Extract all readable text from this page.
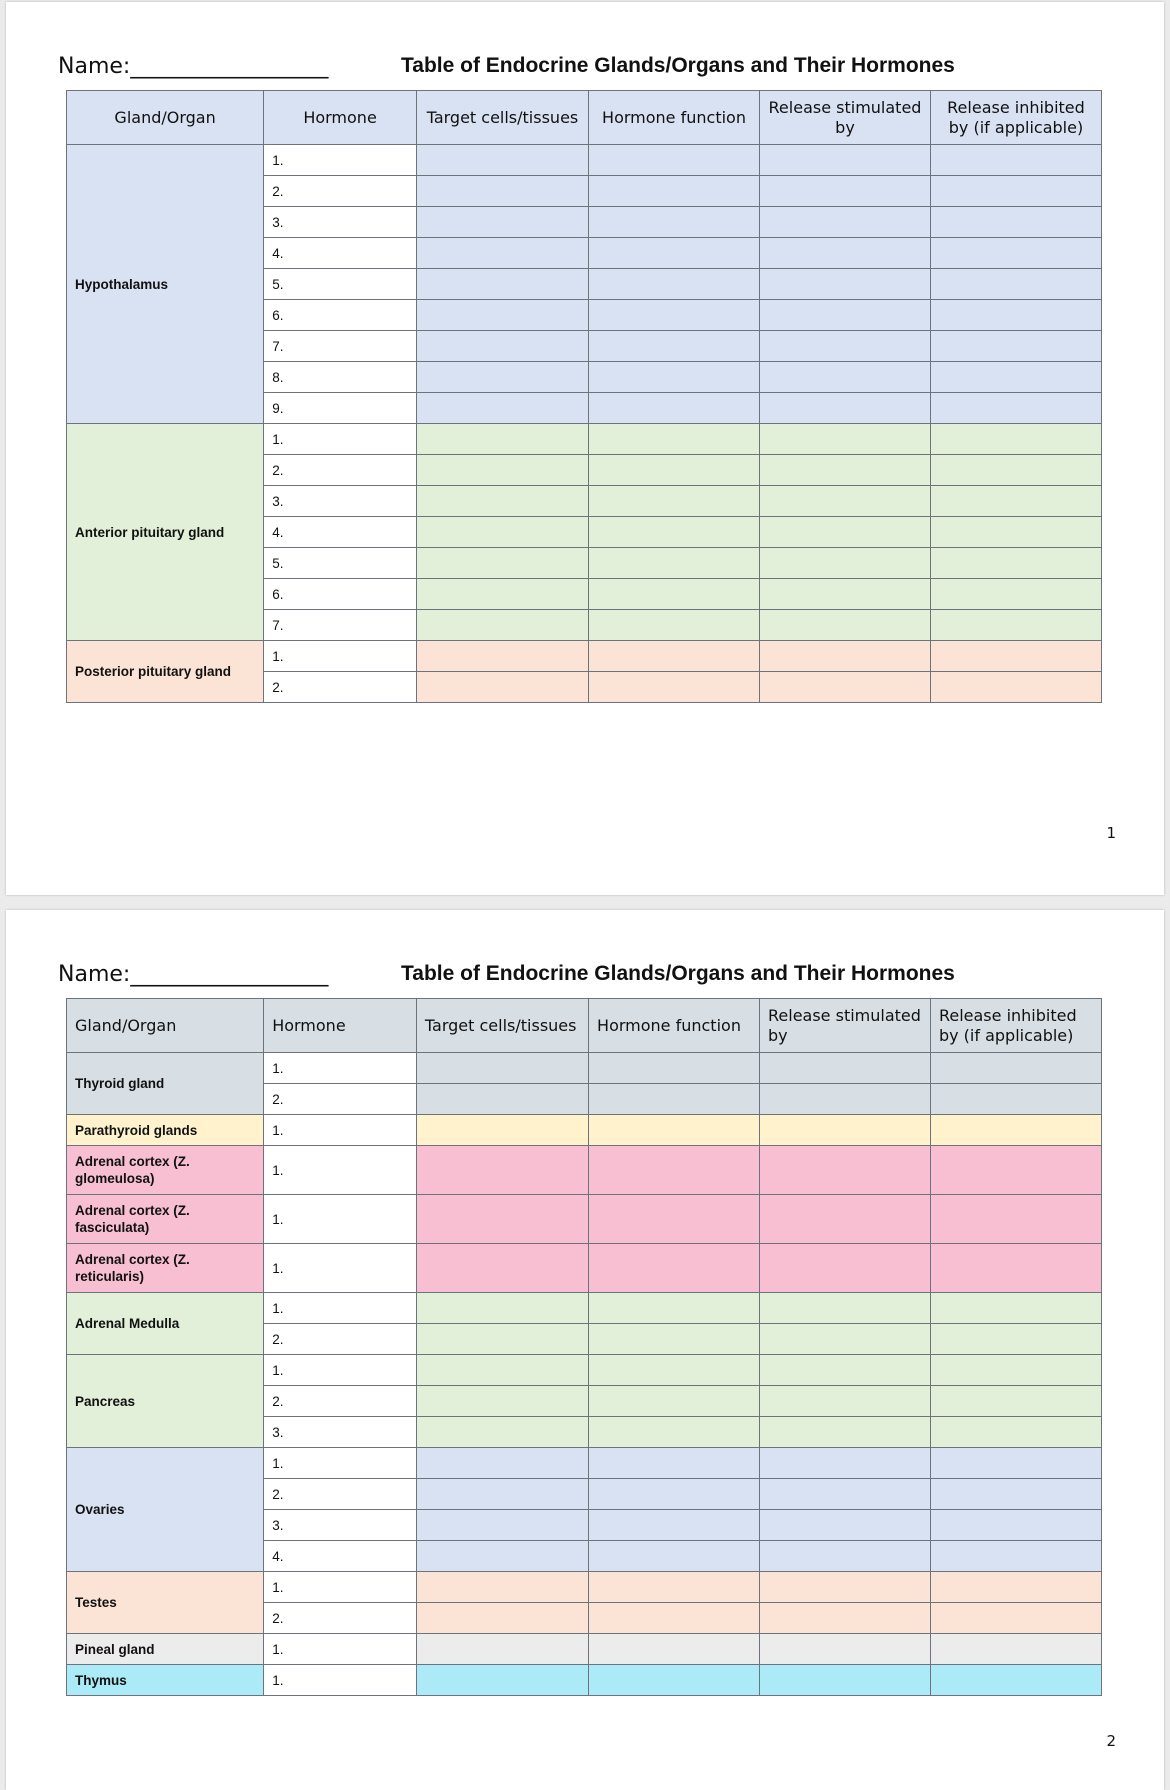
Name:__________________	Table of Endocrine Glands/Organs and Their Hormones
Gland/Organ	Hormone	Target cells/tissues	Hormone function	Release stimulated by	Release inhibited by (if applicable)
Hypothalamus	1.				
	2.				
	3.				
	4.				
	5.				
	6.				
	7.				
	8.				
	9.				
Anterior pituitary gland	1.				
	2.				
	3.				
	4.				
	5.				
	6.				
	7.				
Posterior pituitary gland	1.				
	2.				
1
Name:__________________	Table of Endocrine Glands/Organs and Their Hormones
Gland/Organ	Hormone	Target cells/tissues	Hormone function	Release stimulated by	Release inhibited by (if applicable)
Thyroid gland	1.				
	2.				
Parathyroid glands	1.				
Adrenal cortex (Z. glomeulosa)	1.				
Adrenal cortex (Z. fasciculata)	1.				
Adrenal cortex (Z. reticularis)	1.				
Adrenal Medulla	1.				
	2.				
Pancreas	1.				
	2.				
	3.				
Ovaries	1.				
	2.				
	3.				
	4.				
Testes	1.				
	2.				
Pineal gland	1.				
Thymus	1.				
2
